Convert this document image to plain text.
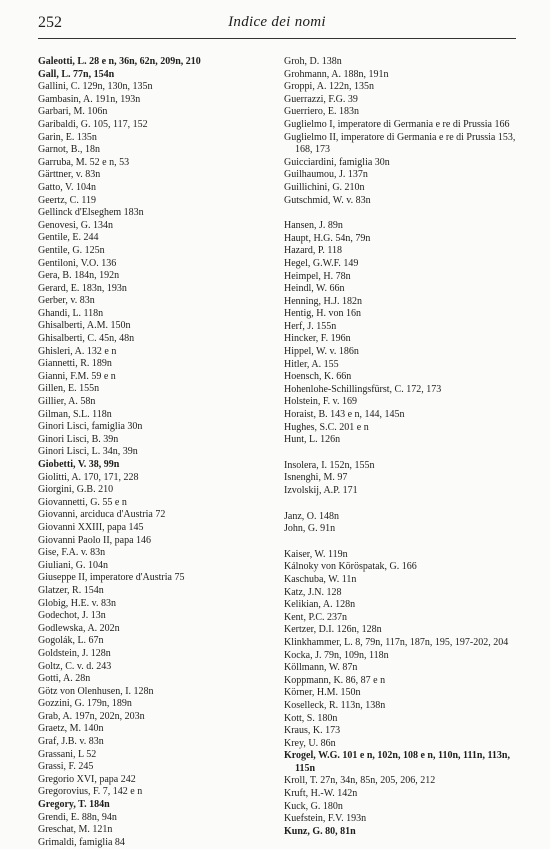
252	Indice dei nomi
Galeotti, L. 28 e n, 36n, 62n, 209n, 210
Gall, L. 77n, 154n
Gallini, C. 129n, 130n, 135n
Gambasin, A. 191n, 193n
Garbari, M. 106n
Garibaldi, G. 105, 117, 152
Garin, E. 135n
Garnot, B., 18n
Garruba, M. 52 e n, 53
Gärttner, v. 83n
Gatto, V. 104n
Geertz, C. 119
Gellinck d'Elseghem 183n
Genovesi, G. 134n
Gentile, E. 244
Gentile, G. 125n
Gentiloni, V.O. 136
Gera, B. 184n, 192n
Gerard, E. 183n, 193n
Gerber, v. 83n
Ghandi, L. 118n
Ghisalberti, A.M. 150n
Ghisalberti, C. 45n, 48n
Ghisleri, A. 132 e n
Giannetti, R. 189n
Gianni, F.M. 59 e n
Gillen, E. 155n
Gillier, A. 58n
Gilman, S.L. 118n
Ginori Lisci, famiglia 30n
Ginori Lisci, B. 39n
Ginori Lisci, L. 34n, 39n
Giobetti, V. 38, 99n
Giolitti, A. 170, 171, 228
Giorgini, G.B. 210
Giovannetti, G. 55 e n
Giovanni, arciduca d'Austria 72
Giovanni XXIII, papa 145
Giovanni Paolo II, papa 146
Gise, F.A. v. 83n
Giuliani, G. 104n
Giuseppe II, imperatore d'Austria 75
Glatzer, R. 154n
Globig, H.E. v. 83n
Godechot, J. 13n
Godlewska, A. 202n
Gogolák, L. 67n
Goldstein, J. 128n
Goltz, C. v. d. 243
Gotti, A. 28n
Götz von Olenhusen, I. 128n
Gozzini, G. 179n, 189n
Grab, A. 197n, 202n, 203n
Graetz, M. 140n
Graf, J.B. v. 83n
Grassani, L 52
Grassi, F. 245
Gregorio XVI, papa 242
Gregorovius, F. 7, 142 e n
Gregory, T. 184n
Grendi, E. 88n, 94n
Greschat, M. 121n
Grimaldi, famiglia 84
Groh, D. 138n
Grohmann, A. 188n, 191n
Groppi, A. 122n, 135n
Guerrazzi, F.G. 39
Guerriero, E. 183n
Guglielmo I, imperatore di Germania e re di Prussia 166
Guglielmo II, imperatore di Germania e re di Prussia 153, 168, 173
Guicciardini, famiglia 30n
Guilhaumou, J. 137n
Guillichini, G. 210n
Gutschmid, W. v. 83n
Hansen, J. 89n
Haupt, H.G. 54n, 79n
Hazard, P. 118
Hegel, G.W.F. 149
Heimpel, H. 78n
Heindl, W. 66n
Henning, H.J. 182n
Hentig, H. von 16n
Herf, J. 155n
Hincker, F. 196n
Hippel, W. v. 186n
Hitler, A. 155
Hoensch, K. 66n
Hohenlohe-Schillingsfürst, C. 172, 173
Holstein, F. v. 169
Horaist, B. 143 e n, 144, 145n
Hughes, S.C. 201 e n
Hunt, L. 126n
Insolera, I. 152n, 155n
Isnenghi, M. 97
Izvolskij, A.P. 171
Janz, O. 148n
John, G. 91n
Kaiser, W. 119n
Kálnoky von Köröspatak, G. 166
Kaschuba, W. 11n
Katz, J.N. 128
Kelikian, A. 128n
Kent, P.C. 237n
Kertzer, D.I. 126n, 128n
Klinkhammer, L. 8, 79n, 117n, 187n, 195, 197-202, 204
Kocka, J. 79n, 109n, 118n
Köllmann, W. 87n
Koppmann, K. 86, 87 e n
Körner, H.M. 150n
Koselleck, R. 113n, 138n
Kott, S. 180n
Kraus, K. 173
Krey, U. 86n
Krogel, W.G. 101 e n, 102n, 108 e n, 110n, 111n, 113n, 115n
Kroll, T. 27n, 34n, 85n, 205, 206, 212
Kruft, H.-W. 142n
Kuck, G. 180n
Kuefstein, F.V. 193n
Kunz, G. 80, 81n
